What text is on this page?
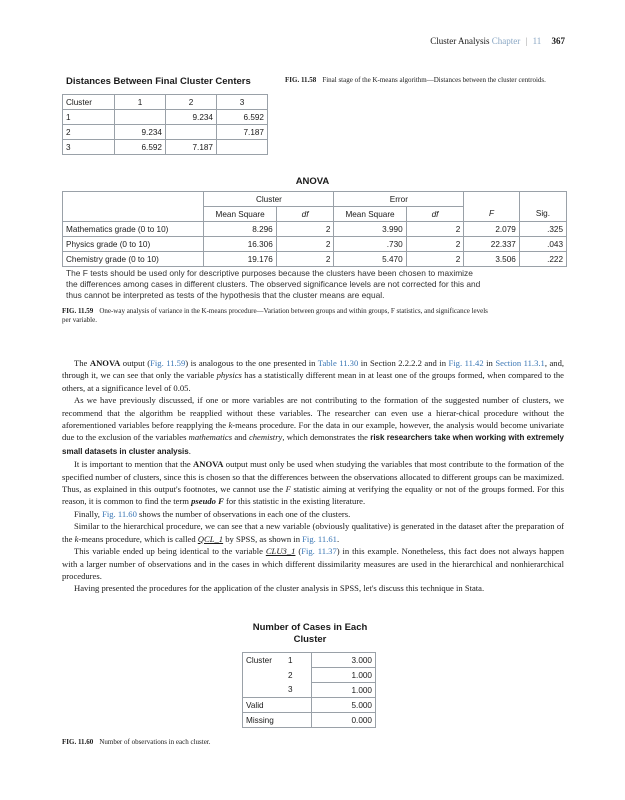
Cluster Analysis Chapter | 11 367
Distances Between Final Cluster Centers
Cluster	1	2	3
1		9.234	6.592
2	9.234		7.187
3	6.592	7.187	
FIG. 11.58 Final stage of the K-means algorithm—Distances between the cluster centroids.
ANOVA
	Cluster		Error			
	Mean Square	df	Mean Square	df	F	Sig.
Mathematics grade (0 to 10)	8.296	2	3.990	2	2.079	.325
Physics grade (0 to 10)	16.306	2	.730	2	22.337	.043
Chemistry grade (0 to 10)	19.176	2	5.470	2	3.506	.222
The F tests should be used only for descriptive purposes because the clusters have been chosen to maximize
the differences among cases in different clusters. The observed significance levels are not corrected for this and
thus cannot be interpreted as tests of the hypothesis that the cluster means are equal.
FIG. 11.59 One-way analysis of variance in the K-means procedure—Variation between groups and within groups, F statistics, and significance levels
per variable.

The ANOVA output (Fig. 11.59) is analogous to the one presented in Table 11.30 in Section 2.2.2.2 and in Fig. 11.42 in Section 11.3.1, and, through it, we can see that only the variable physics has a statistically different mean in at least one of the groups formed, when compared to the others, at a significance level of 0.05.

As we have previously discussed, if one or more variables are not contributing to the formation of the suggested number of clusters, we recommend that the algorithm be reapplied without these variables. The researcher can even use a hierar-chical procedure without the aforementioned variables before reapplying the k-means procedure. For the data in our example, however, the analysis would become univariate due to the exclusion of the variables mathematics and chemistry, which demonstrates the risk researchers take when working with extremely small datasets in cluster analysis.

It is important to mention that the ANOVA output must only be used when studying the variables that most contribute to the formation of the specified number of clusters, since this is chosen so that the differences between the observations allocated to different groups can be maximized. Thus, as explained in this output's footnotes, we cannot use the F statistic aiming at verifying the equality or not of the groups formed. For this reason, it is common to find the term pseudo F for this statistic in the existing literature.

Finally, Fig. 11.60 shows the number of observations in each one of the clusters.

Similar to the hierarchical procedure, we can see that a new variable (obviously qualitative) is generated in the dataset after the preparation of the k-means procedure, which is called QCL_1 by SPSS, as shown in Fig. 11.61.

This variable ended up being identical to the variable CLU3_1 (Fig. 11.37) in this example. Nonetheless, this fact does not always happen with a larger number of observations and in the cases in which different dissimilarity measures are used in the hierarchical and nonhierarchical procedures.

Having presented the procedures for the application of the cluster analysis in SPSS, let's discuss this technique in Stata.

Number of Cases in Each
Cluster
Cluster	1	3.000
	2	1.000
	3	1.000
Valid		5.000
Missing		0.000
FIG. 11.60 Number of observations in each cluster.
